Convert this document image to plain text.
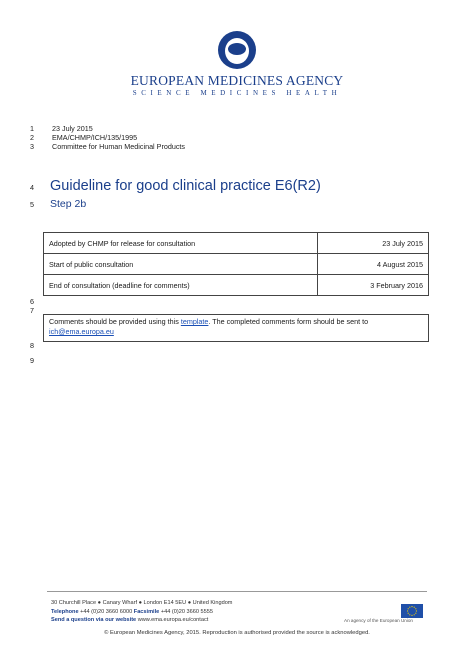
EUROPEAN MEDICINES AGENCY
SCIENCE MEDICINES HEALTH
1	23 July 2015
2	EMA/CHMP/ICH/135/1995
3	Committee for Human Medicinal Products
4 Guideline for good clinical practice E6(R2)
5 Step 2b
Adopted by CHMP for release for consultation	23 July 2015
Start of public consultation	4 August 2015
End of consultation (deadline for comments)	3 February 2016
6
7
Comments should be provided using this template. The completed comments form should be sent to
ich@ema.europa.eu
8
9
30 Churchill Place ● Canary Wharf ● London E14 5EU ● United Kingdom
Telephone +44 (0)20 3660 6000 Facsimile +44 (0)20 3660 5555
Send a question via our website www.ema.europa.eu/contact	An agency of the European Union
© European Medicines Agency, 2015. Reproduction is authorised provided the source is acknowledged.
